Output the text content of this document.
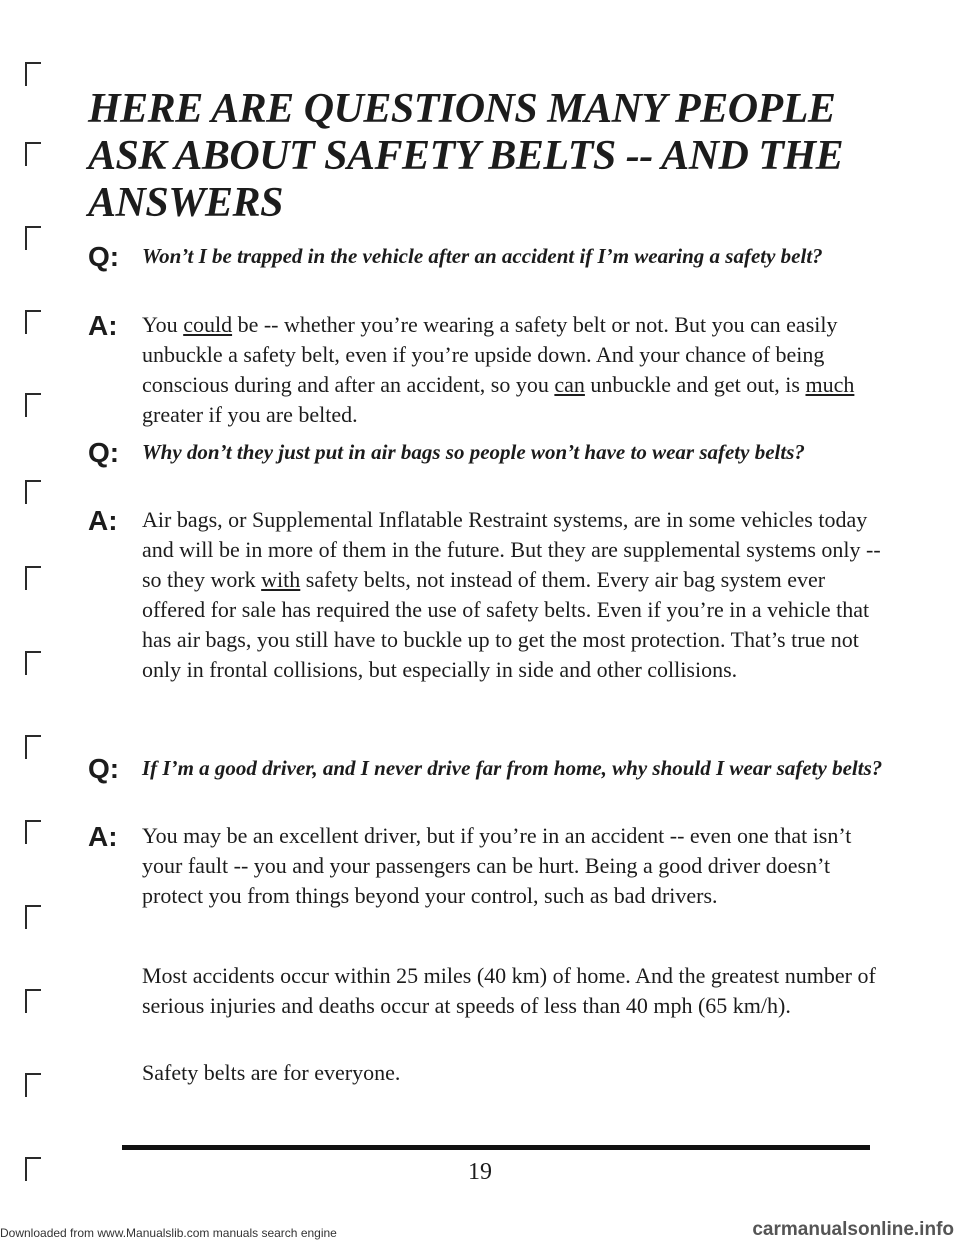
HERE ARE QUESTIONS MANY PEOPLE ASK ABOUT SAFETY BELTS -- AND THE ANSWERS
Q: Won’t I be trapped in the vehicle after an accident if I’m wearing a safety belt?

A: You could be -- whether you’re wearing a safety belt or not. But you can easily unbuckle a safety belt, even if you’re upside down. And your chance of being conscious during and after an accident, so you can unbuckle and get out, is much greater if you are belted.

Q: Why don’t they just put in air bags so people won’t have to wear safety belts?

A: Air bags, or Supplemental Inflatable Restraint systems, are in some vehicles today and will be in more of them in the future. But they are supplemental systems only -- so they work with safety belts, not instead of them. Every air bag system ever offered for sale has required the use of safety belts. Even if you’re in a vehicle that has air bags, you still have to buckle up to get the most protection. That’s true not only in frontal collisions, but especially in side and other collisions.

Q: If I’m a good driver, and I never drive far from home, why should I wear safety belts?

A: You may be an excellent driver, but if you’re in an accident -- even one that isn’t your fault -- you and your passengers can be hurt. Being a good driver doesn’t protect you from things beyond your control, such as bad drivers.

Most accidents occur within 25 miles (40 km) of home. And the greatest number of serious injuries and deaths occur at speeds of less than 40 mph (65 km/h).

Safety belts are for everyone.

19

Downloaded from www.Manualslib.com manuals search engine	carmanualsonline.info
